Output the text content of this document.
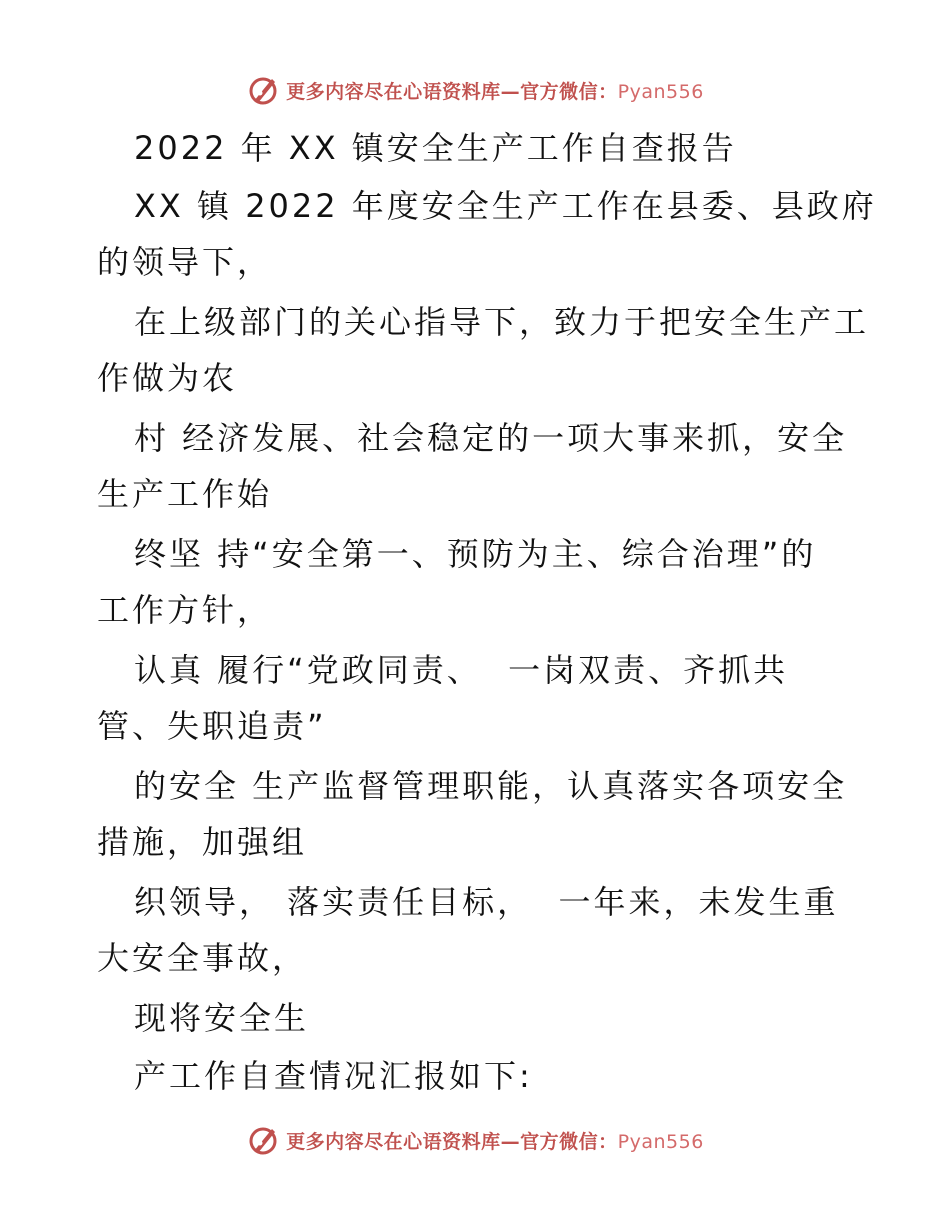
更多内容尽在心语资料库—官方微信：Pyan556
2022 年 XX 镇安全生产工作自查报告
XX 镇 2022 年度安全生产工作在县委、县政府
的领导下，
在上级部门的关心指导下，致力于把安全生产工
作做为农
村 经济发展、社会稳定的一项大事来抓，安全
生产工作始
终坚 持“安全第一、预防为主、综合治理”的
工作方针，
认真 履行“党政同责、  一岗双责、齐抓共
管、失职追责”
的安全 生产监督管理职能，认真落实各项安全
措施，加强组
织领导， 落实责任目标，  一年来，未发生重
大安全事故，
现将安全生
产工作自查情况汇报如下:
更多内容尽在心语资料库—官方微信：Pyan556
